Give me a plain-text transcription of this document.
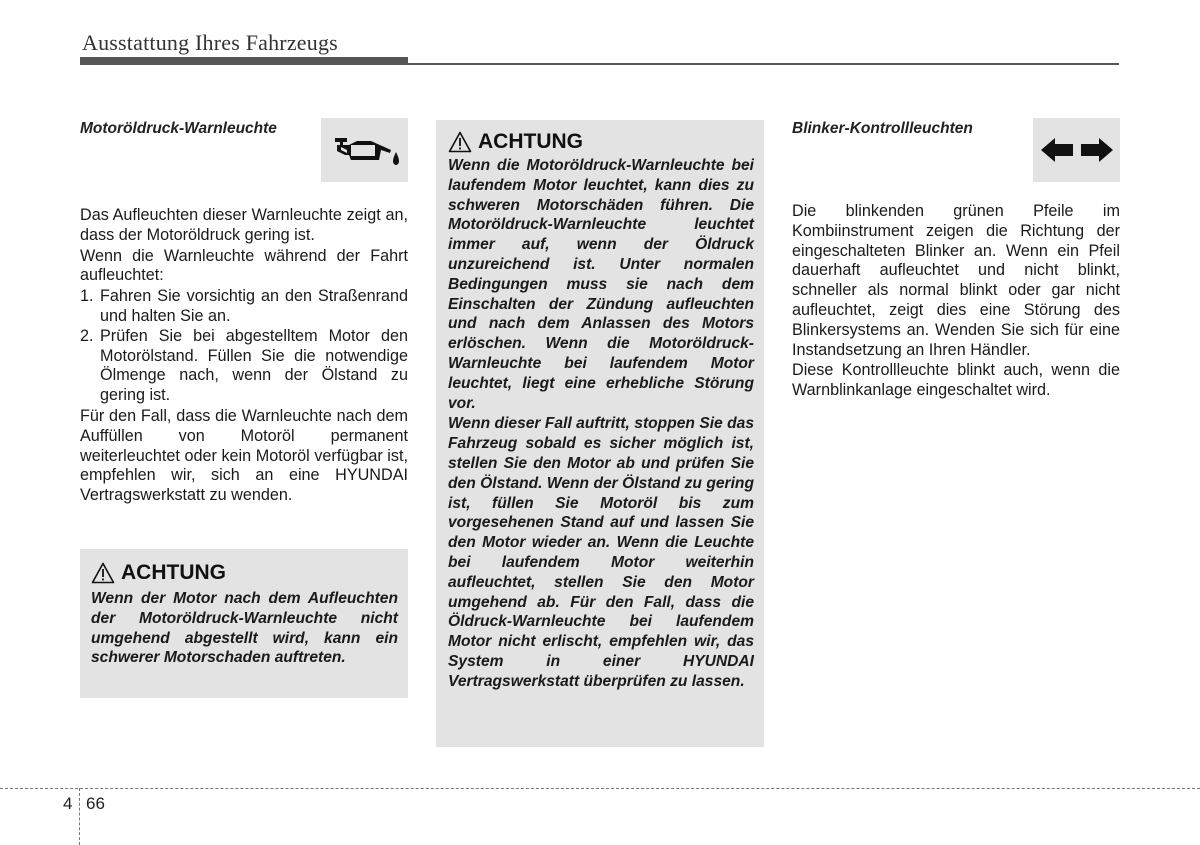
Ausstattung Ihres Fahrzeugs
Motoröldruck-Warnleuchte

Das Aufleuchten dieser Warnleuchte zeigt an, dass der Motoröldruck gering ist.

Wenn die Warnleuchte während der Fahrt aufleuchtet:

1. Fahren Sie vorsichtig an den Straßenrand und halten Sie an.
2. Prüfen Sie bei abgestelltem Motor den Motorölstand. Füllen Sie die notwendige Ölmenge nach, wenn der Ölstand zu gering ist.

Für den Fall, dass die Warnleuchte nach dem Auffüllen von Motoröl permanent weiterleuchtet oder kein Motoröl verfügbar ist, empfehlen wir, sich an eine HYUNDAI Vertragswerkstatt zu wenden.

ACHTUNG

Wenn der Motor nach dem Aufleuchten der Motoröldruck-Warnleuchte nicht umgehend abgestellt wird, kann ein schwerer Motorschaden auftreten.

ACHTUNG

Wenn die Motoröldruck-Warnleuchte bei laufendem Motor leuchtet, kann dies zu schweren Motorschäden führen. Die Motoröldruck-Warnleuchte leuchtet immer auf, wenn der Öldruck unzureichend ist. Unter normalen Bedingungen muss sie nach dem Einschalten der Zündung aufleuchten und nach dem Anlassen des Motors erlöschen. Wenn die Motoröldruck-Warnleuchte bei laufendem Motor leuchtet, liegt eine erhebliche Störung vor.

Wenn dieser Fall auftritt, stoppen Sie das Fahrzeug sobald es sicher möglich ist, stellen Sie den Motor ab und prüfen Sie den Ölstand. Wenn der Ölstand zu gering ist, füllen Sie Motoröl bis zum vorgesehenen Stand auf und lassen Sie den Motor wieder an. Wenn die Leuchte bei laufendem Motor weiterhin aufleuchtet, stellen Sie den Motor umgehend ab. Für den Fall, dass die Öldruck-Warnleuchte bei laufendem Motor nicht erlischt, empfehlen wir, das System in einer HYUNDAI Vertragswerkstatt überprüfen zu lassen.

Blinker-Kontrollleuchten

Die blinkenden grünen Pfeile im Kombiinstrument zeigen die Richtung der eingeschalteten Blinker an. Wenn ein Pfeil dauerhaft aufleuchtet und nicht blinkt, schneller als normal blinkt oder gar nicht aufleuchtet, zeigt dies eine Störung des Blinkersystems an. Wenden Sie sich für eine Instandsetzung an Ihren Händler.

Diese Kontrollleuchte blinkt auch, wenn die Warnblinkanlage eingeschaltet wird.

4 66
